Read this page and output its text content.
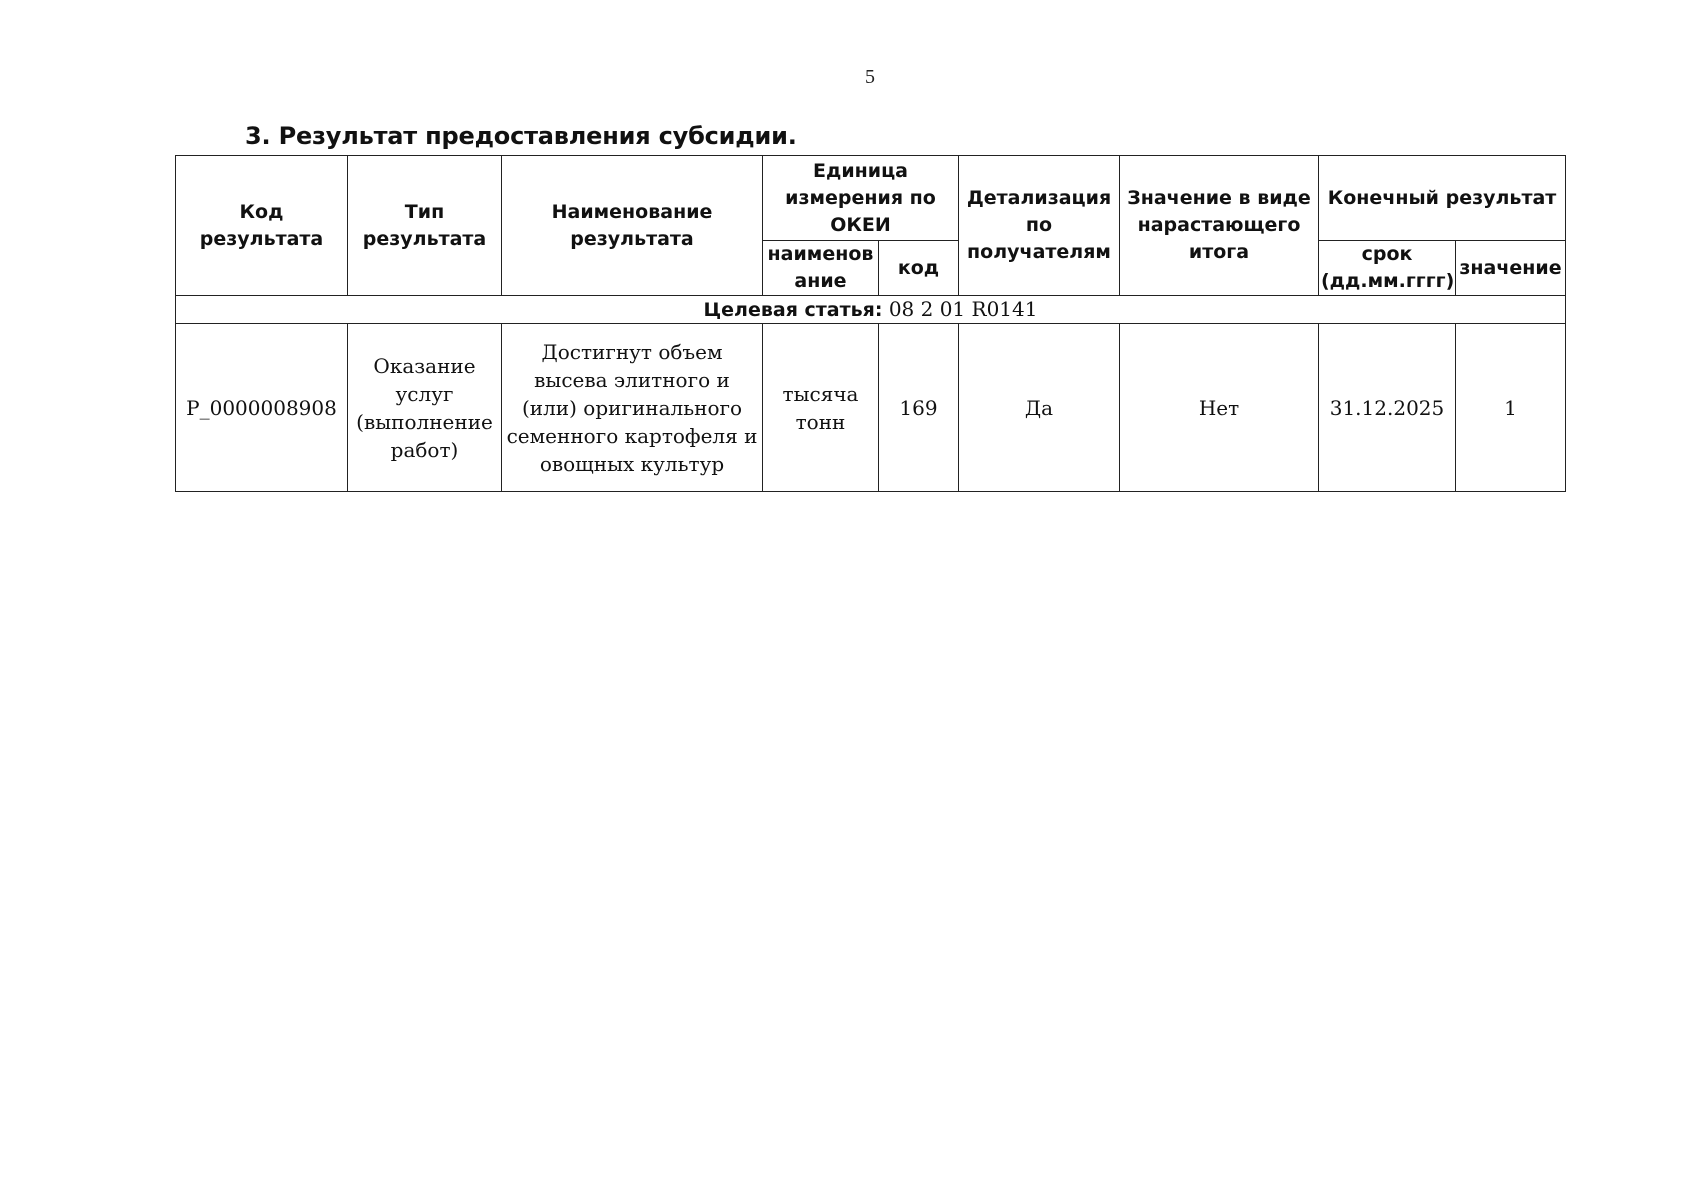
5
3. Результат предоставления субсидии.
Код результата	Тип результата	Наименование результата	Единица измерения по ОКЕИ		Детализация по получателям	Значение в виде нарастающего итога	Конечный результат	
			наименов ание	код			срок (дд.мм.гггг)	значение
Целевая статья: 08 2 01 R0141								
P_0000008908	Оказание услуг (выполнение работ)	Достигнут объем высева элитного и (или) оригинального семенного картофеля и овощных культур	тысяча тонн	169	Да	Нет	31.12.2025	1
